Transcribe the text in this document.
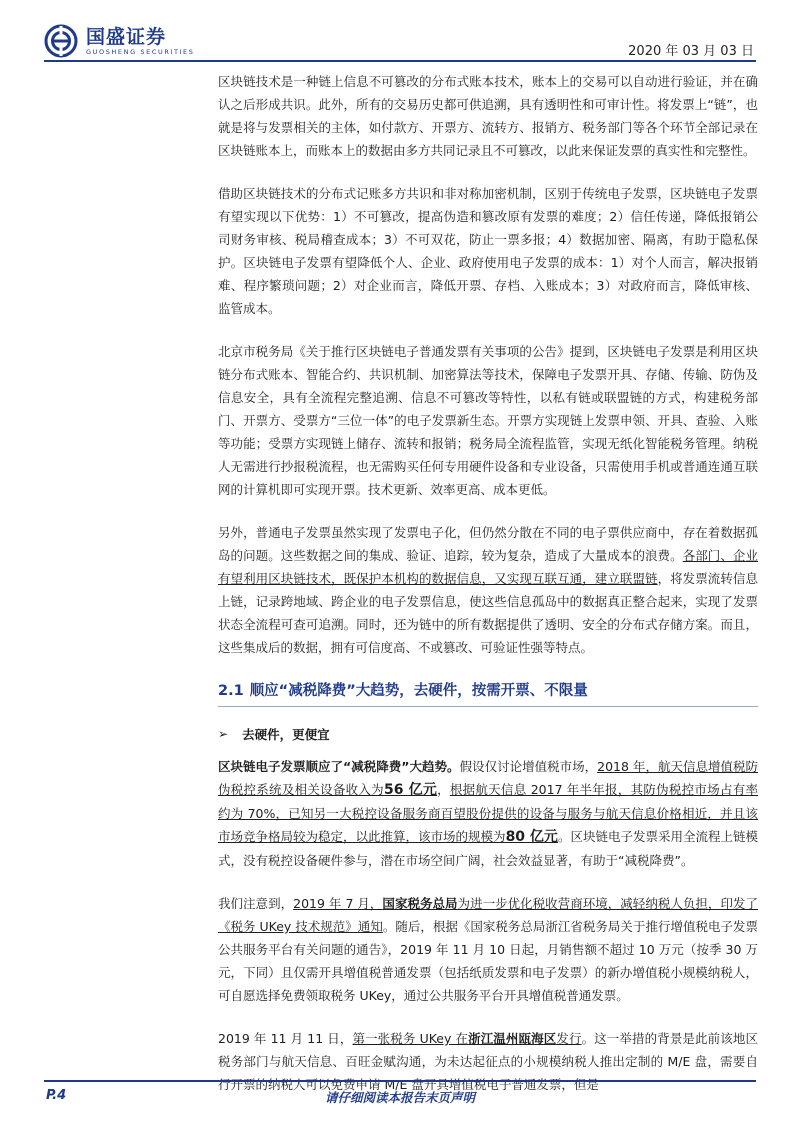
国盛证券
GUOSHENG SECURITIES	2020 年 03 月 03 日

区块链技术是一种链上信息不可篡改的分布式账本技术，账本上的交易可以自动进行验证，并在确认之后形成共识。此外，所有的交易历史都可供追溯，具有透明性和可审计性。将发票上“链”，也就是将与发票相关的主体，如付款方、开票方、流转方、报销方、税务部门等各个环节全部记录在区块链账本上，而账本上的数据由多方共同记录且不可篡改，以此来保证发票的真实性和完整性。

借助区块链技术的分布式记账多方共识和非对称加密机制，区别于传统电子发票，区块链电子发票有望实现以下优势：1）不可篡改，提高伪造和篡改原有发票的难度；2）信任传递，降低报销公司财务审核、税局稽查成本；3）不可双花，防止一票多报；4）数据加密、隔离，有助于隐私保护。区块链电子发票有望降低个人、企业、政府使用电子发票的成本：1）对个人而言，解决报销难、程序繁琐问题；2）对企业而言，降低开票、存档、入账成本；3）对政府而言，降低审核、监管成本。

北京市税务局《关于推行区块链电子普通发票有关事项的公告》提到，区块链电子发票是利用区块链分布式账本、智能合约、共识机制、加密算法等技术，保障电子发票开具、存储、传输、防伪及信息安全，具有全流程完整追溯、信息不可篡改等特性，以私有链或联盟链的方式，构建税务部门、开票方、受票方“三位一体”的电子发票新生态。开票方实现链上发票申领、开具、查验、入账等功能；受票方实现链上储存、流转和报销；税务局全流程监管，实现无纸化智能税务管理。纳税人无需进行抄报税流程，也无需购买任何专用硬件设备和专业设备，只需使用手机或普通连通互联网的计算机即可实现开票。技术更新、效率更高、成本更低。

另外，普通电子发票虽然实现了发票电子化，但仍然分散在不同的电子票供应商中，存在着数据孤岛的问题。这些数据之间的集成、验证、追踪，较为复杂，造成了大量成本的浪费。各部门、企业有望利用区块链技术，既保护本机构的数据信息，又实现互联互通，建立联盟链，将发票流转信息上链，记录跨地域、跨企业的电子发票信息，使这些信息孤岛中的数据真正整合起来，实现了发票状态全流程可查可追溯。同时，还为链中的所有数据提供了透明、安全的分布式存储方案。而且，这些集成后的数据，拥有可信度高、不或篡改、可验证性强等特点。

2.1 顺应“减税降费”大趋势，去硬件，按需开票、不限量
➢ 去硬件，更便宜

区块链电子发票顺应了“减税降费”大趋势。假设仅讨论增值税市场，2018 年，航天信息增值税防伪税控系统及相关设备收入为56 亿元，根据航天信息 2017 年半年报，其防伪税控市场占有率约为 70%，已知另一大税控设备服务商百望股份提供的设备与服务与航天信息价格相近，并且该市场竞争格局较为稳定，以此推算，该市场的规模为80 亿元。区块链电子发票采用全流程上链模式，没有税控设备硬件参与，潜在市场空间广阔，社会效益显著，有助于“减税降费”。

我们注意到，2019 年 7 月，国家税务总局为进一步优化税收营商环境，减轻纳税人负担，印发了《税务 UKey 技术规范》通知。随后，根据《国家税务总局浙江省税务局关于推行增值税电子发票公共服务平台有关问题的通告》，2019 年 11 月 10 日起，月销售额不超过 10 万元（按季 30 万元，下同）且仅需开具增值税普通发票（包括纸质发票和电子发票）的新办增值税小规模纳税人，可自愿选择免费领取税务 UKey，通过公共服务平台开具增值税普通发票。

2019 年 11 月 11 日，第一张税务 UKey 在浙江温州瓯海区发行。这一举措的背景是此前该地区税务部门与航天信息、百旺金赋沟通，为未达起征点的小规模纳税人推出定制的 M/E 盘，需要自行开票的纳税人可以免费申请 M/E 盘开具增值税电子普通发票，但是

请仔细阅读本报告末页声明
P.4
